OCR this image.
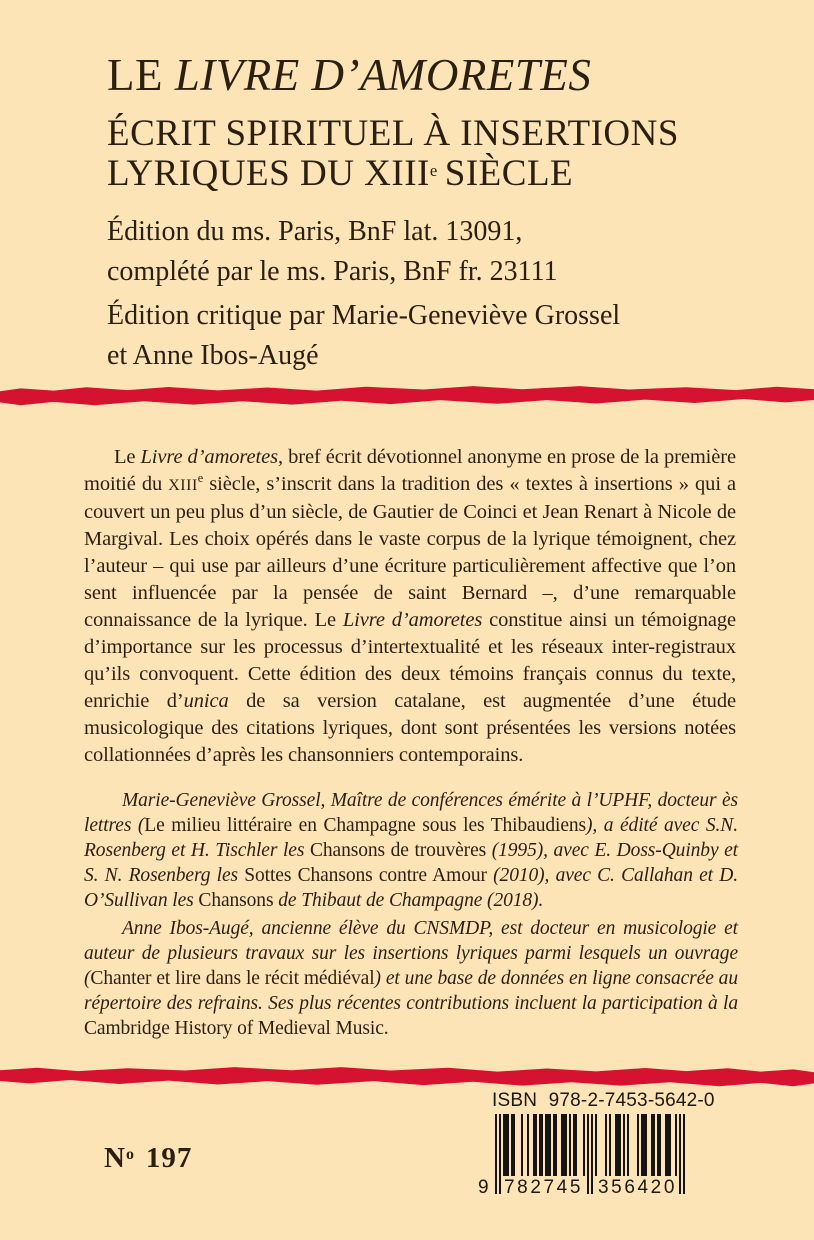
LE LIVRE D’AMORETES
ÉCRIT SPIRITUEL À INSERTIONS
LYRIQUES DU XIIIe SIÈCLE

Édition du ms. Paris, BnF lat. 13091,
complété par le ms. Paris, BnF fr. 23111

Édition critique par Marie-Geneviève Grossel
et Anne Ibos-Augé

Le Livre d’amoretes, bref écrit dévotionnel anonyme en prose de la première moitié du XIIIe siècle, s’inscrit dans la tradition des « textes à insertions » qui a couvert un peu plus d’un siècle, de Gautier de Coinci et Jean Renart à Nicole de Margival. Les choix opérés dans le vaste corpus de la lyrique témoignent, chez l’auteur – qui use par ailleurs d’une écriture particulièrement affective que l’on sent influencée par la pensée de saint Bernard –, d’une remarquable connaissance de la lyrique. Le Livre d’amoretes constitue ainsi un témoignage d’importance sur les processus d’intertextualité et les réseaux inter-registraux qu’ils convoquent. Cette édition des deux témoins français connus du texte, enrichie d’unica de sa version catalane, est augmentée d’une étude musicologique des citations lyriques, dont sont présentées les versions notées collationnées d’après les chansonniers contemporains.

Marie-Geneviève Grossel, Maître de conférences émérite à l’UPHF, docteur ès lettres (Le milieu littéraire en Champagne sous les Thibaudiens), a édité avec S.N. Rosenberg et H. Tischler les Chansons de trouvères (1995), avec E. Doss-Quinby et S. N. Rosenberg les Sottes Chansons contre Amour (2010), avec C. Callahan et D. O’Sullivan les Chansons de Thibaut de Champagne (2018).

Anne Ibos-Augé, ancienne élève du CNSMDP, est docteur en musicologie et auteur de plusieurs travaux sur les insertions lyriques parmi lesquels un ouvrage (Chanter et lire dans le récit médiéval) et une base de données en ligne consacrée au répertoire des refrains. Ses plus récentes contributions incluent la participation à la Cambridge History of Medieval Music.

ISBN 978-2-7453-5642-0
9 782745 356420
$N^o$ 197
